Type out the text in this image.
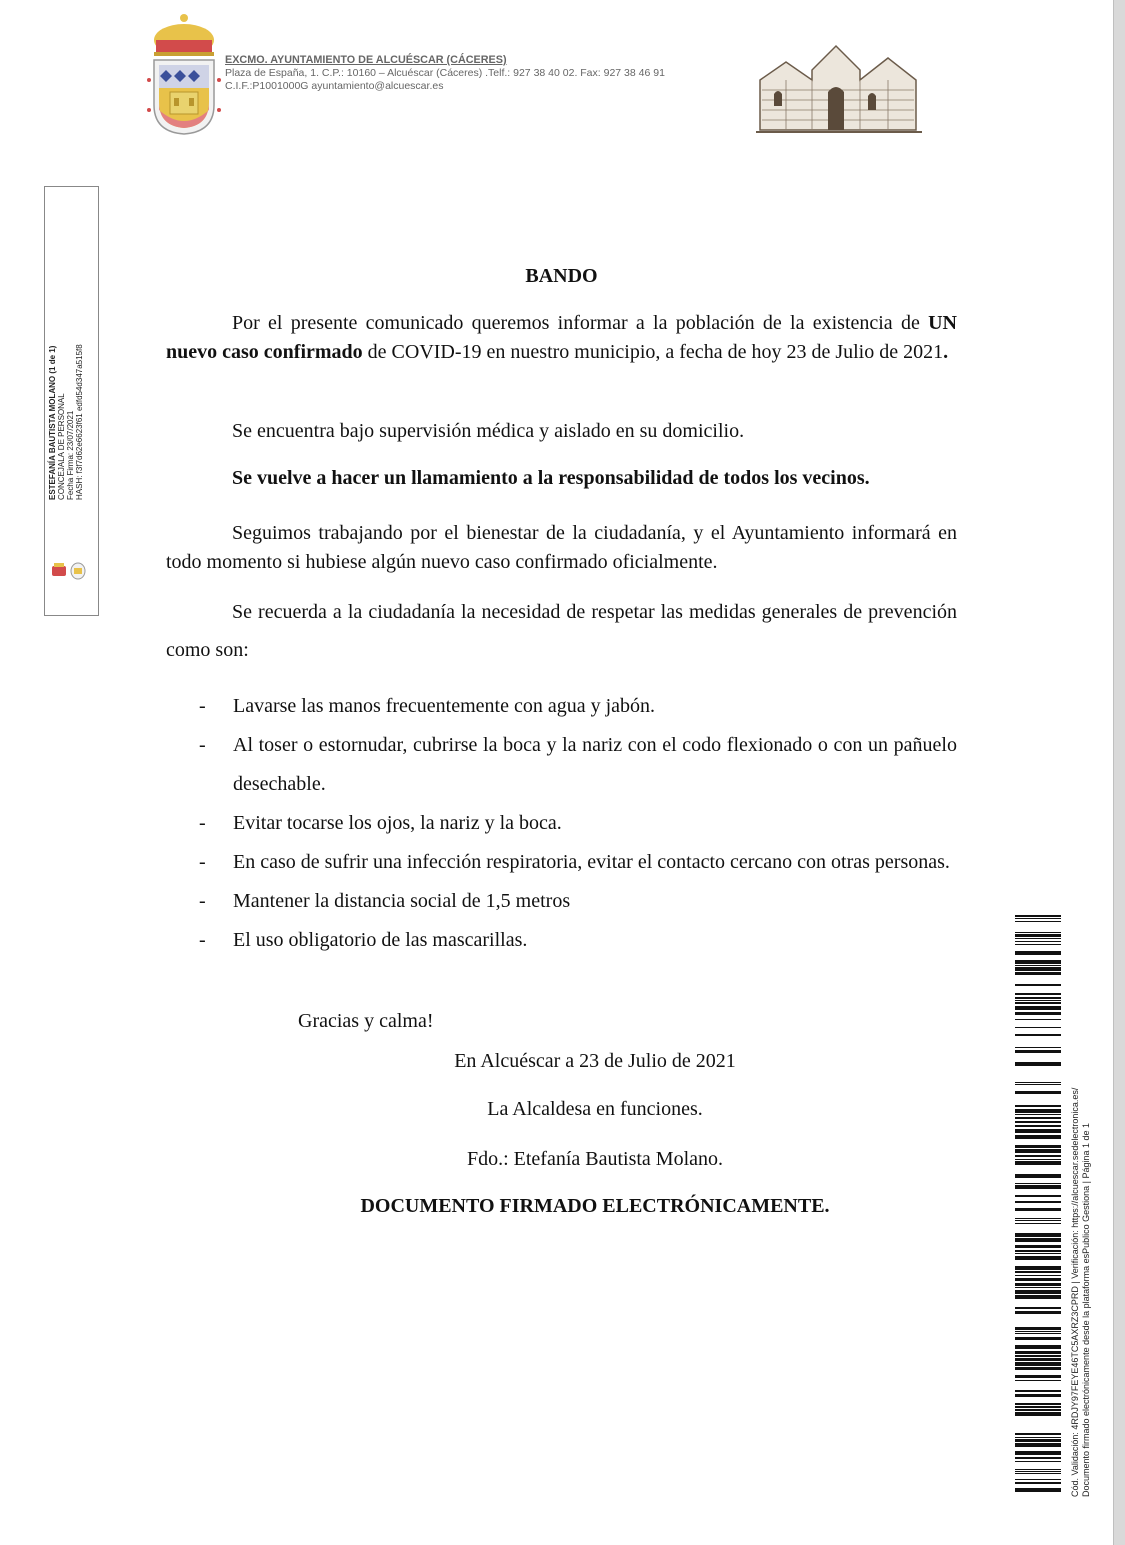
EXCMO. AYUNTAMIENTO DE ALCUÉSCAR (CÁCERES)
Plaza de España, 1. C.P.: 10160 – Alcuéscar (Cáceres) .Telf.: 927 38 40 02. Fax: 927 38 46 91
C.I.F.:P1001000G ayuntamiento@alcuescar.es
ESTEFANÍA BAUTISTA MOLANO (1 de 1) CONCEJALA DE PERSONAL Fecha Firma: 23/07/2021 HASH: f3f7d62e6623f61 edfd54d347a515f8

BANDO

Por el presente comunicado queremos informar a la población de la existencia de UN nuevo caso confirmado de COVID-19 en nuestro municipio, a fecha de hoy 23 de Julio de 2021.

Se encuentra bajo supervisión médica y aislado en su domicilio.

Se vuelve a hacer un llamamiento a la responsabilidad de todos los vecinos.

Seguimos trabajando por el bienestar de la ciudadanía, y el Ayuntamiento informará en todo momento si hubiese algún nuevo caso confirmado oficialmente.

Se recuerda a la ciudadanía la necesidad de respetar las medidas generales de prevención como son:

- Lavarse las manos frecuentemente con agua y jabón.
- Al toser o estornudar, cubrirse la boca y la nariz con el codo flexionado o con un pañuelo desechable.
- Evitar tocarse los ojos, la nariz y la boca.
- En caso de sufrir una infección respiratoria, evitar el contacto cercano con otras personas.
- Mantener la distancia social de 1,5 metros
- El uso obligatorio de las mascarillas.

Gracias y calma!

En Alcuéscar a 23 de Julio de 2021

La Alcaldesa en funciones.

Fdo.: Etefanía Bautista Molano.

DOCUMENTO FIRMADO ELECTRÓNICAMENTE.	Cód. Validación: 4RDJY97FEYE46TC5AXRZ3CPRD | Verificación: https://alcuescar.sedelectronica.es/ Documento firmado electrónicamente desde la plataforma esPublico Gestiona | Página 1 de 1
